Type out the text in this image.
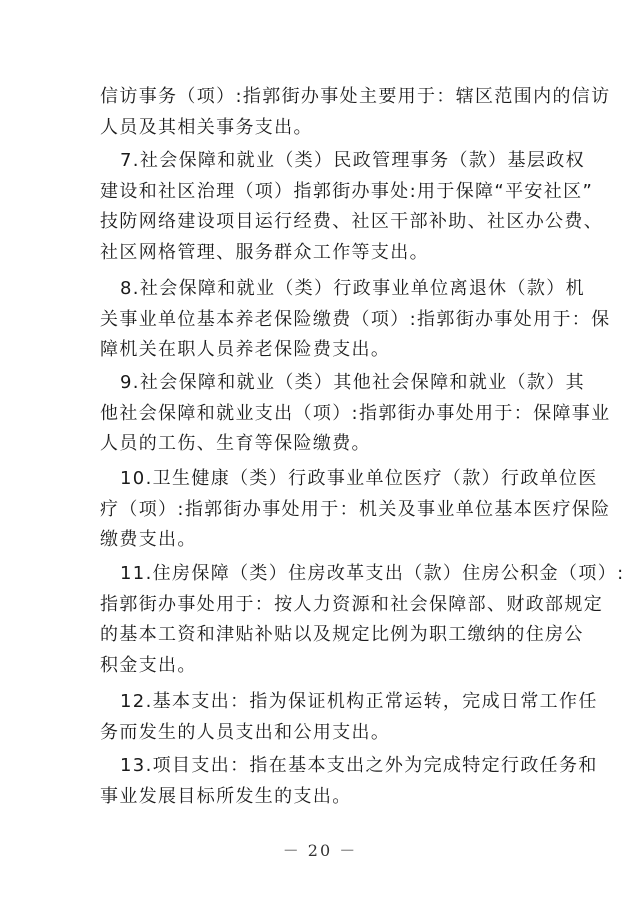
信访事务（项）:指郭街办事处主要用于：辖区范围内的信访
人员及其相关事务支出。
7.社会保障和就业（类）民政管理事务（款）基层政权
建设和社区治理（项）指郭街办事处:用于保障“平安社区”
技防网络建设项目运行经费、社区干部补助、社区办公费、
社区网格管理、服务群众工作等支出。
8.社会保障和就业（类）行政事业单位离退休（款）机
关事业单位基本养老保险缴费（项）:指郭街办事处用于：保
障机关在职人员养老保险费支出。
9.社会保障和就业（类）其他社会保障和就业（款）其
他社会保障和就业支出（项）:指郭街办事处用于：保障事业
人员的工伤、生育等保险缴费。
10.卫生健康（类）行政事业单位医疗（款）行政单位医
疗（项）:指郭街办事处用于：机关及事业单位基本医疗保险
缴费支出。
11.住房保障（类）住房改革支出（款）住房公积金（项）:
指郭街办事处用于：按人力资源和社会保障部、财政部规定
的基本工资和津贴补贴以及规定比例为职工缴纳的住房公
积金支出。
12.基本支出：指为保证机构正常运转，完成日常工作任
务而发生的人员支出和公用支出。
13.项目支出：指在基本支出之外为完成特定行政任务和
事业发展目标所发生的支出。
－ 20 －
